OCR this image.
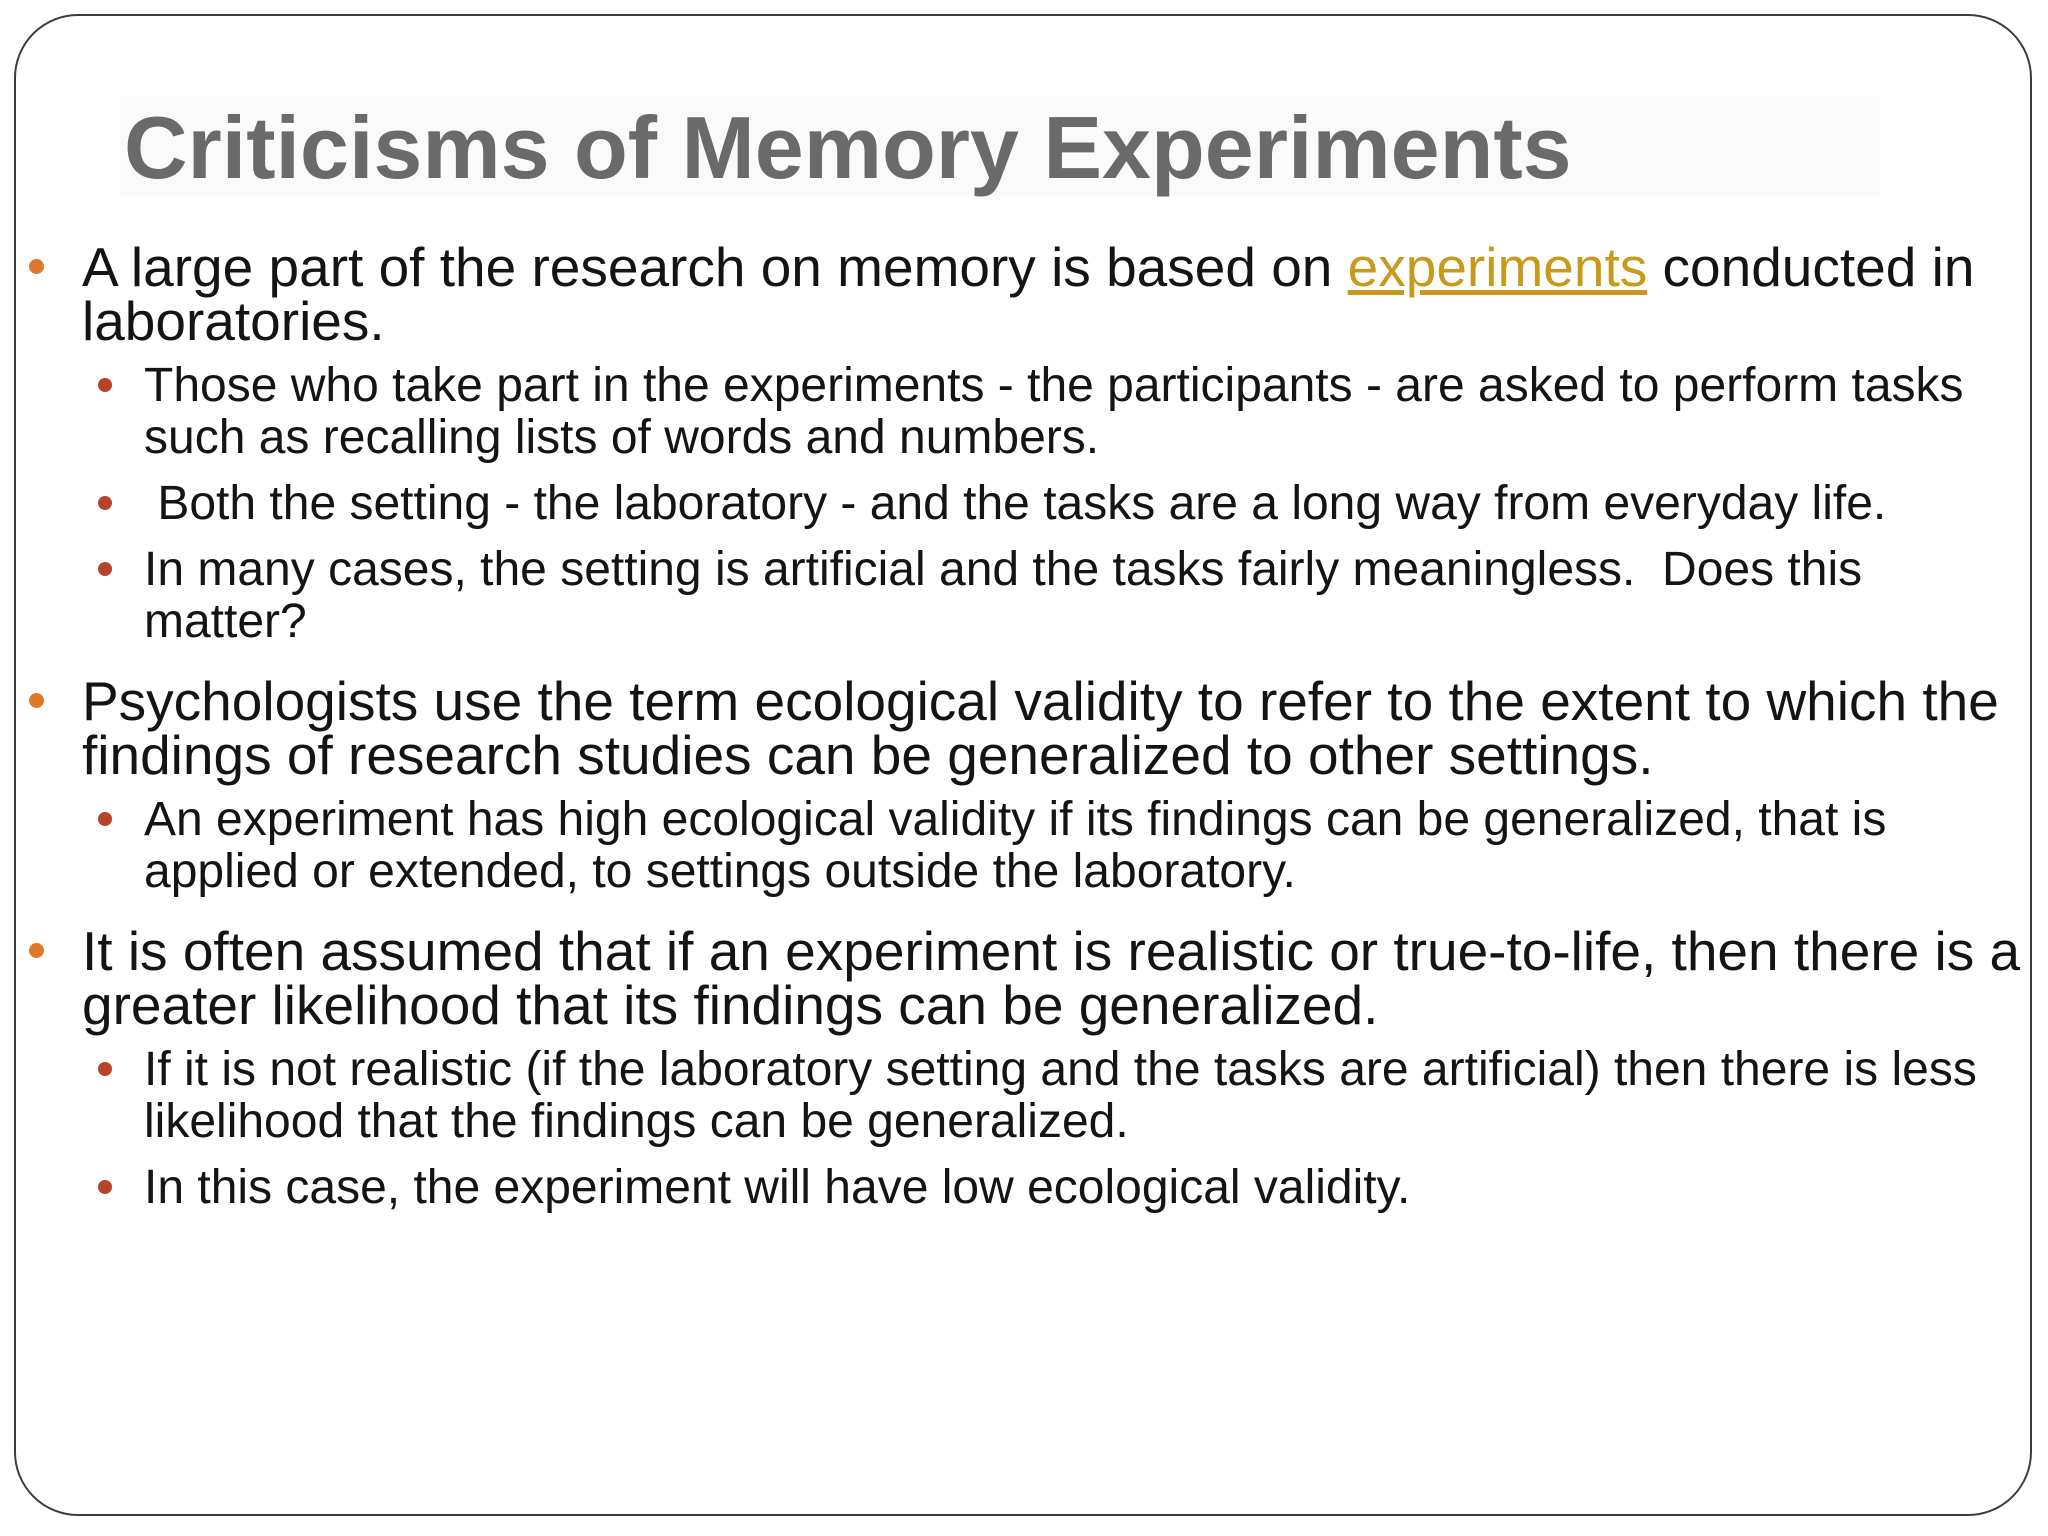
Criticisms of Memory Experiments
A large part of the research on memory is based on experiments conducted in laboratories.
Those who take part in the experiments - the participants - are asked to perform tasks such as recalling lists of words and numbers.
Both the setting - the laboratory - and the tasks are a long way from everyday life.
In many cases, the setting is artificial and the tasks fairly meaningless.  Does this matter?
Psychologists use the term ecological validity to refer to the extent to which the findings of research studies can be generalized to other settings.
An experiment has high ecological validity if its findings can be generalized, that is applied or extended, to settings outside the laboratory.
It is often assumed that if an experiment is realistic or true-to-life, then there is a greater likelihood that its findings can be generalized.
If it is not realistic (if the laboratory setting and the tasks are artificial) then there is less likelihood that the findings can be generalized.
In this case, the experiment will have low ecological validity.
